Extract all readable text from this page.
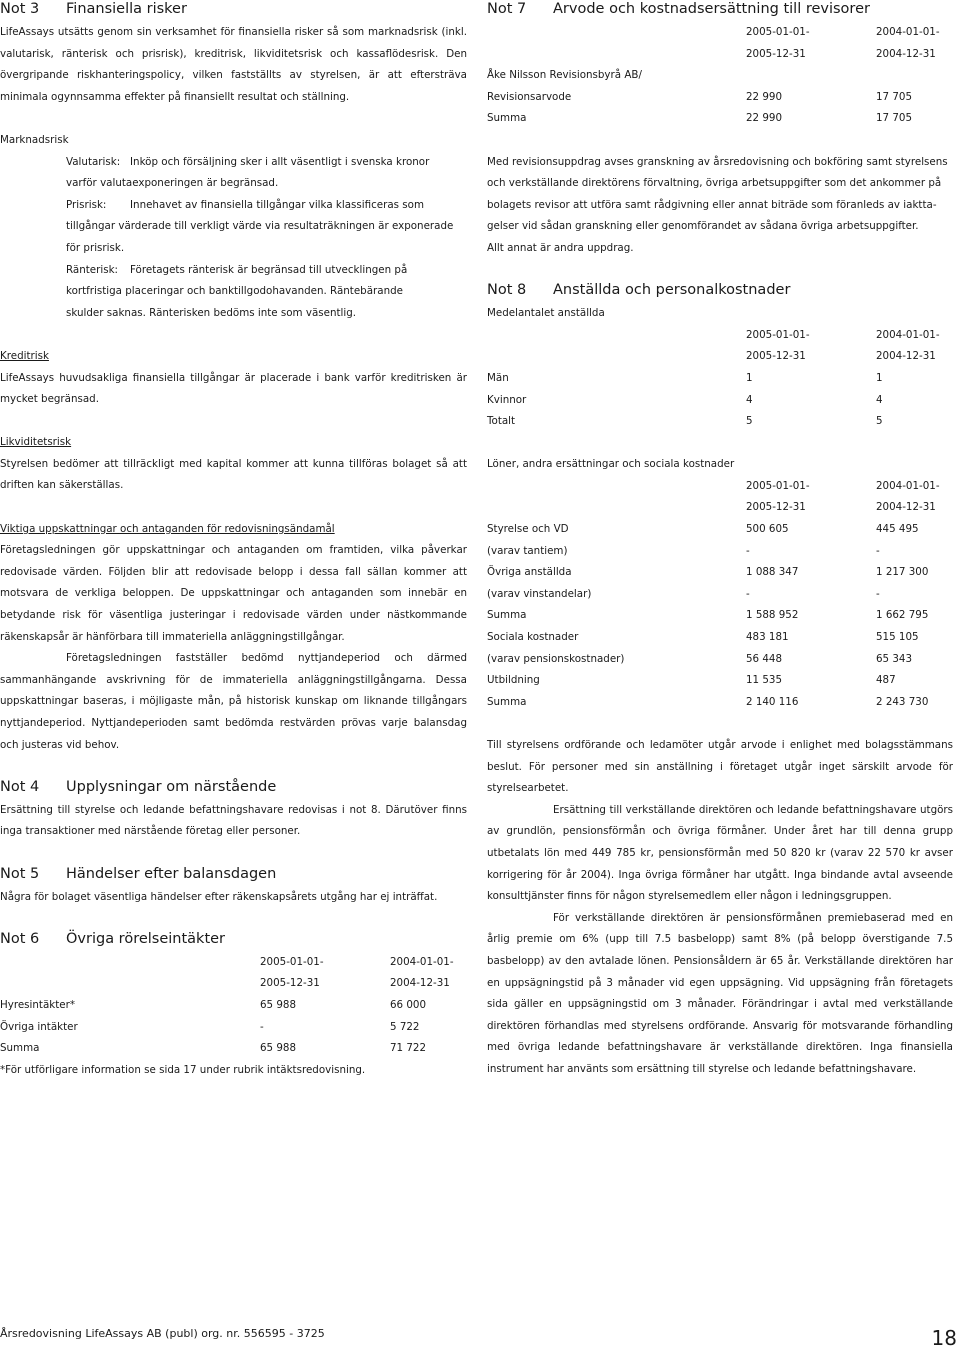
Not 3	Finansiella risker

LifeAssays utsätts genom sin verksamhet för finansiella risker så som marknadsrisk (inkl. valutarisk, ränterisk och prisrisk), kreditrisk, likviditetsrisk och kassaflödesrisk. Den övergripande riskhanteringspolicy, vilken fastställts av styrelsen, är att eftersträva minimala ogynnsamma effekter på finansiellt resultat och ställning.

Marknadsrisk

Valutarisk: Inköp och försäljning sker i allt väsentligt i svenska kronor
varför valutaexponeringen är begränsad.
Prisrisk:	Innehavet av finansiella tillgångar vilka klassificeras som
tillgångar värderade till verkligt värde via resultaträkningen är exponerade
för prisrisk.
Ränterisk:	Företagets ränterisk är begränsad till utvecklingen på
kortfristiga placeringar och banktillgodohavanden. Räntebärande
skulder saknas. Ränterisken bedöms inte som väsentlig.

Kreditrisk

LifeAssays huvudsakliga finansiella tillgångar är placerade i bank varför kreditrisken är mycket begränsad.

Likviditetsrisk

Styrelsen bedömer att tillräckligt med kapital kommer att kunna tillföras bolaget så att driften kan säkerställas.

Viktiga uppskattningar och antaganden för redovisningsändamål

Företagsledningen gör uppskattningar och antaganden om framtiden, vilka påverkar redovisade värden. Följden blir att redovisade belopp i dessa fall sällan kommer att motsvara de verkliga beloppen. De uppskattningar och antaganden som innebär en betydande risk för väsentliga justeringar i redovisade värden under nästkommande räkenskapsår är hänförbara till immateriella anläggningstillgångar.

Företagsledningen fastställer bedömd nyttjandeperiod och därmed sammanhängande avskrivning för de immateriella anläggningstillgångarna. Dessa uppskattningar baseras, i möjligaste mån, på historisk kunskap om liknande tillgångars nyttjandeperiod. Nyttjandeperioden samt bedömda restvärden prövas varje balansdag och justeras vid behov.

Not 4	Upplysningar om närstående

Ersättning till styrelse och ledande befattningshavare redovisas i not 8. Därutöver finns inga transaktioner med närstående företag eller personer.

Not 5	Händelser efter balansdagen

Några för bolaget väsentliga händelser efter räkenskapsårets utgång har ej inträffat.

Not 6	Övriga rörelseintäkter
2005-01-01-	2004-01-01-
2005-12-31	2004-12-31
Hyresintäkter*	65 988	66 000
Övriga intäkter	-	5 722
Summa	65 988	71 722

*För utförligare information se sida 17 under rubrik intäktsredovisning.

Not 7	Arvode och kostnadsersättning till revisorer
2005-01-01-	2004-01-01-
2005-12-31	2004-12-31
Åke Nilsson Revisionsbyrå AB/
Revisionsarvode	22 990	17 705
Summa	22 990	17 705
Med revisionsuppdrag avses granskning av årsredovisning och bokföring samt styrelsens
och verkställande direktörens förvaltning, övriga arbetsuppgifter som det ankommer på
bolagets revisor att utföra samt rådgivning eller annat biträde som föranleds av iaktta-
gelser vid sådan granskning eller genomförandet av sådana övriga arbetsuppgifter.
Allt annat är andra uppdrag.
Not 8	Anställda och personalkostnader
Medelantalet anställda
2005-01-01-	2004-01-01-
2005-12-31	2004-12-31
Män	1	1
Kvinnor	4	4
Totalt	5	5
Löner, andra ersättningar och sociala kostnader
2005-01-01-	2004-01-01-
2005-12-31	2004-12-31
Styrelse och VD	500 605	445 495
(varav tantiem)	-	-
Övriga anställda	1 088 347	1 217 300
(varav vinstandelar)	-	-
Summa	1 588 952	1 662 795
Sociala kostnader	483 181	515 105
(varav pensionskostnader)	56 448	65 343
Utbildning	11 535	487
Summa	2 140 116	2 243 730

Till styrelsens ordförande och ledamöter utgår arvode i enlighet med bolagsstämmans beslut. För personer med sin anställning i företaget utgår inget särskilt arvode för styrelsearbetet.

Ersättning till verkställande direktören och ledande befattningshavare utgörs av grundlön, pensionsförmån och övriga förmåner. Under året har till denna grupp utbetalats lön med 449 785 kr, pensionsförmån med 50 820 kr (varav 22 570 kr avser korrigering för år 2004). Inga övriga förmåner har utgått. Inga bindande avtal avseende konsulttjänster finns för någon styrelsemedlem eller någon i ledningsgruppen.

För verkställande direktören är pensionsförmånen premiebaserad med en årlig premie om 6% (upp till 7.5 basbelopp) samt 8% (på belopp överstigande 7.5 basbelopp) av den avtalade lönen. Pensionsåldern är 65 år. Verkställande direktören har en uppsägningstid på 3 månader vid egen uppsägning. Vid uppsägning från företagets sida gäller en uppsägningstid om 3 månader. Förändringar i avtal med verkställande direktören förhandlas med styrelsens ordförande. Ansvarig för motsvarande förhandling med övriga ledande befattningshavare är verkställande direktören. Inga finansiella instrument har använts som ersättning till styrelse och ledande befattningshavare.

Årsredovisning LifeAssays AB (publ) org. nr. 556595 - 3725	18
